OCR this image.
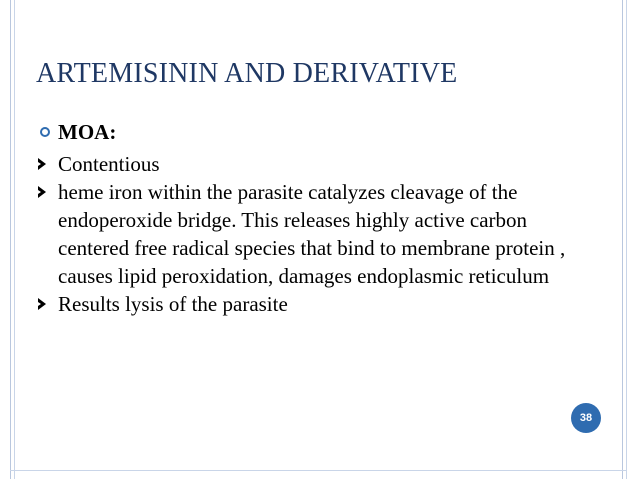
ARTEMISININ AND DERIVATIVE
MOA:
Contentious
heme iron within the parasite catalyzes cleavage of the endoperoxide bridge. This releases highly active carbon centered free radical species that bind to membrane protein , causes lipid peroxidation, damages endoplasmic reticulum
Results lysis of the parasite
38
